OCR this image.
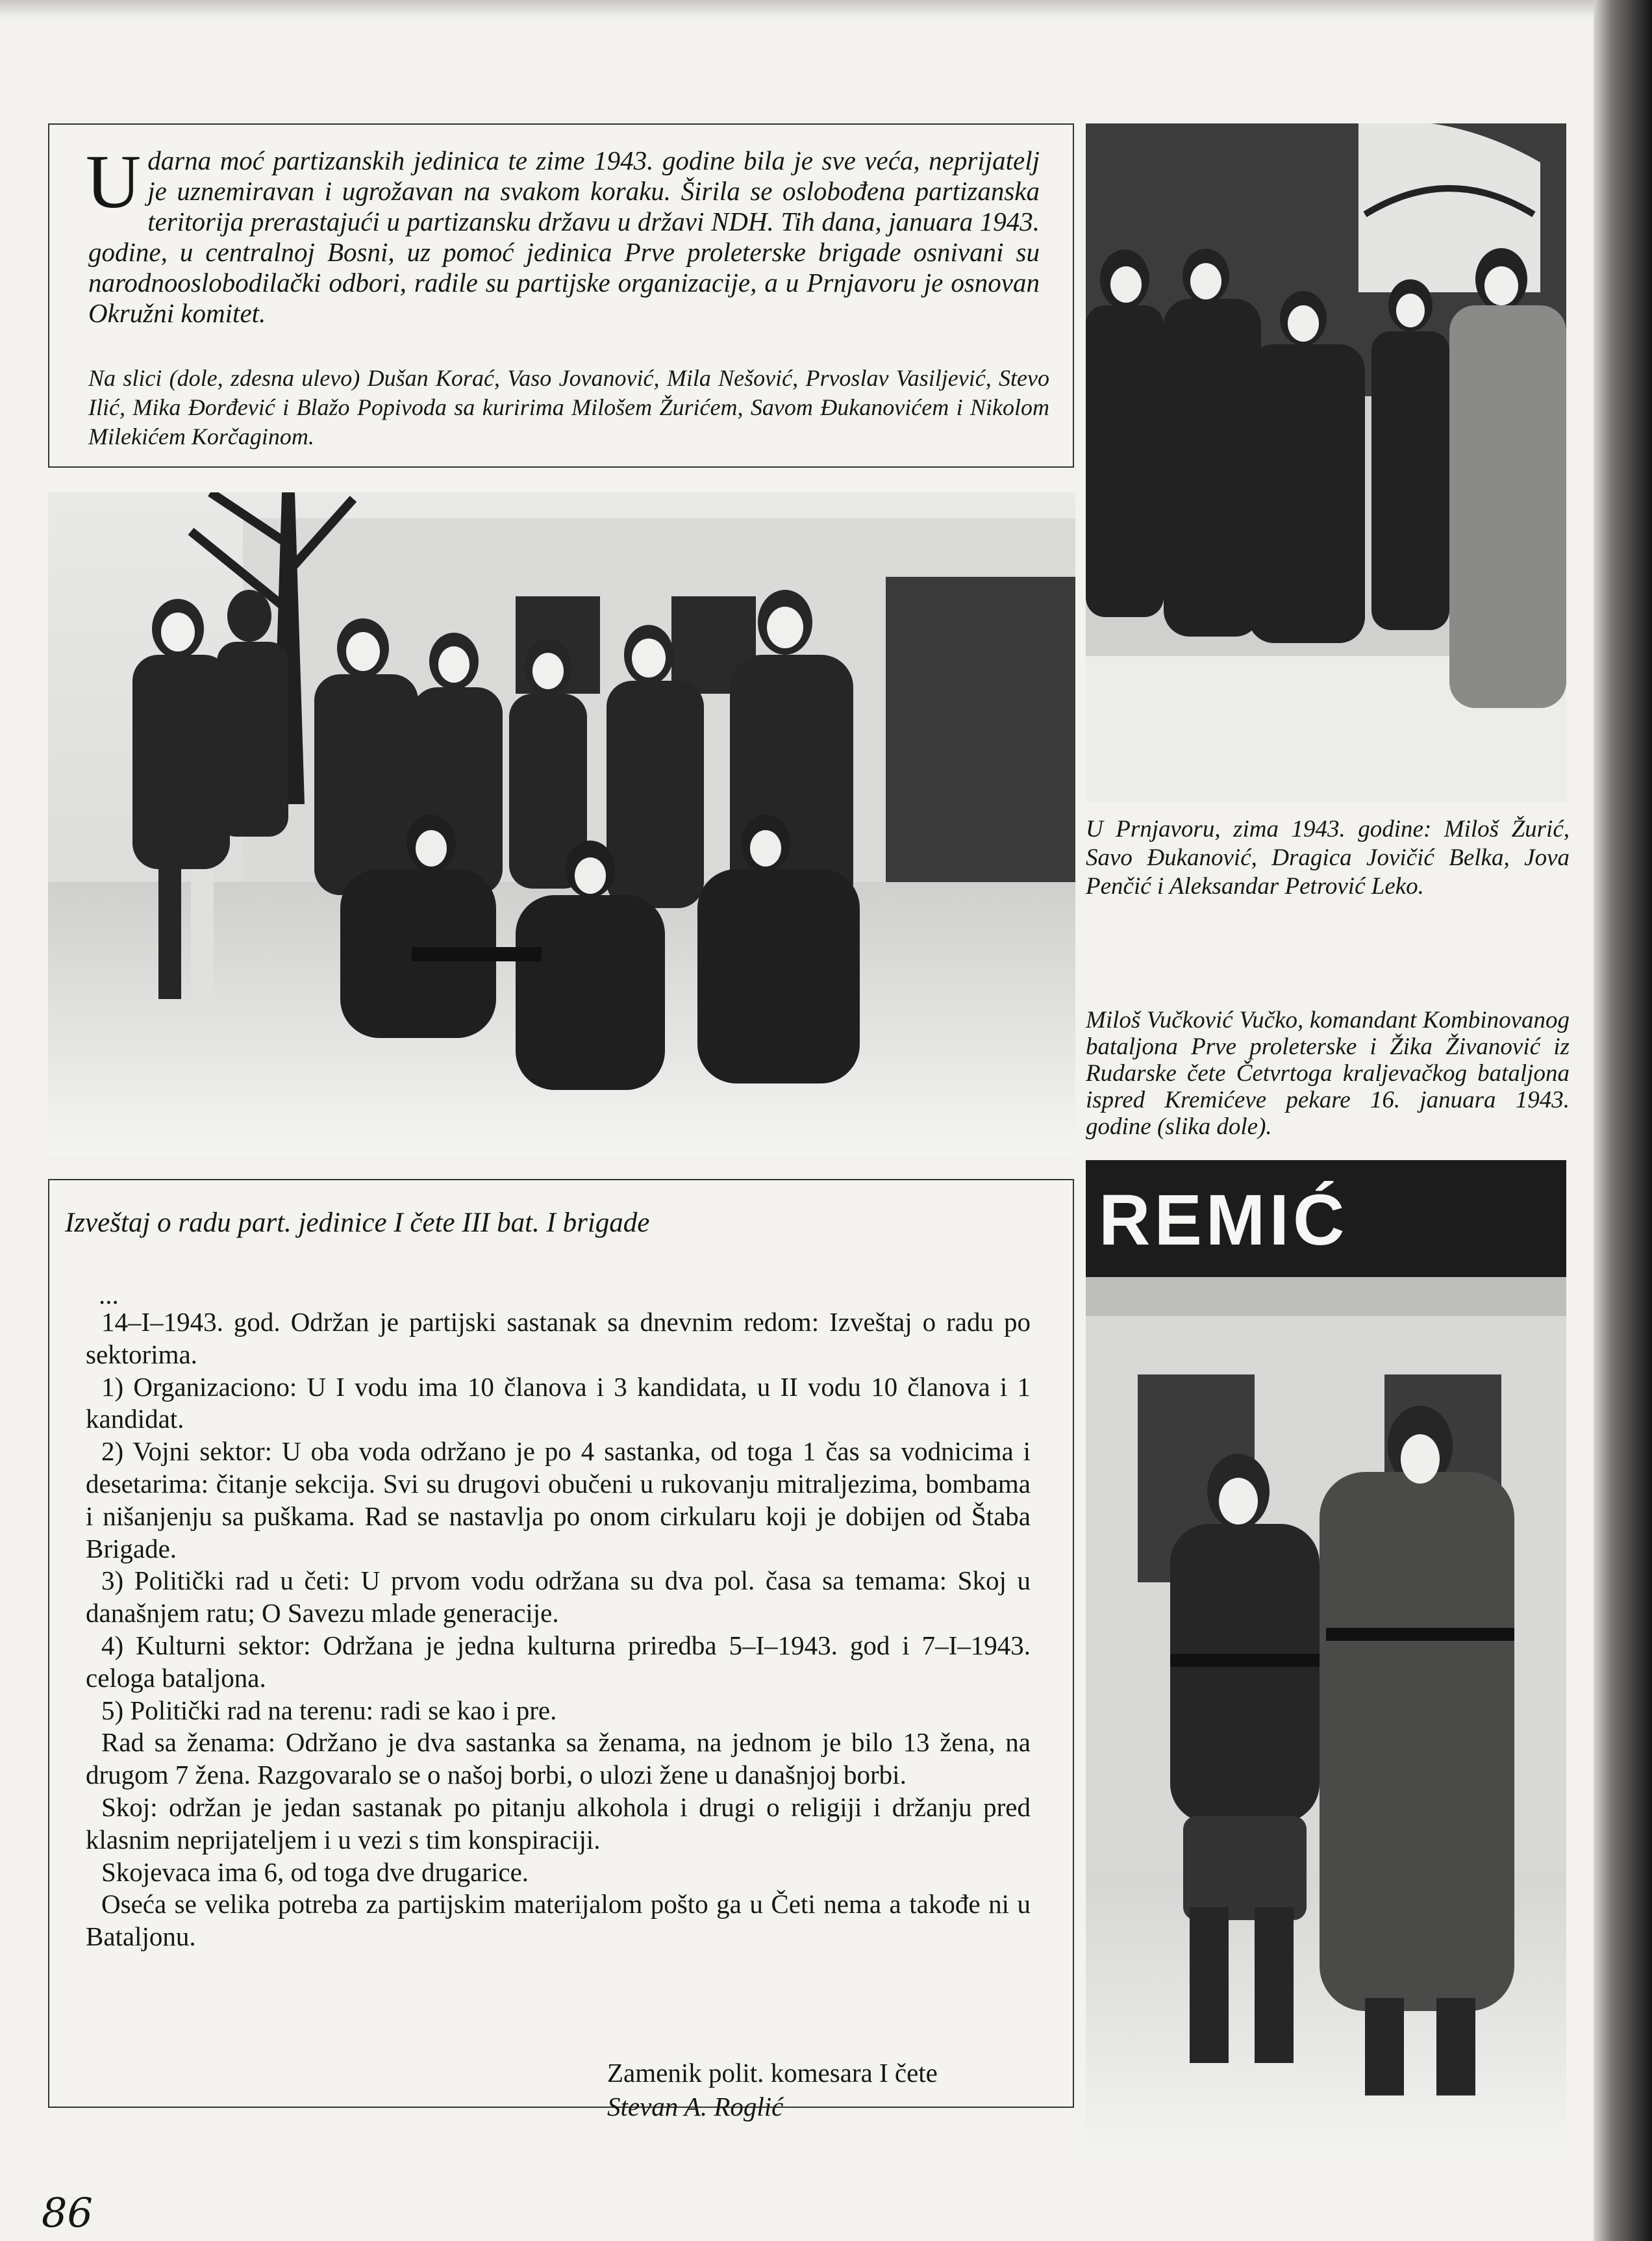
Udarna moć partizanskih jedinica te zime 1943. godine bila je sve veća, neprijatelj je uznemiravan i ugrožavan na svakom koraku. Širila se oslobođena partizanska teritorija prerastajući u partizansku državu u državi NDH. Tih dana, januara 1943. godine, u centralnoj Bosni, uz pomoć jedinica Prve proleterske brigade osnivani su narodnooslobodilački odbori, radile su partijske organizacije, a u Prnjavoru je osnovan Okružni komitet.
Na slici (dole, zdesna ulevo) Dušan Korać, Vaso Jovanović, Mila Nešović, Prvoslav Vasiljević, Stevo Ilić, Mika Đorđević i Blažo Popivoda sa kuririma Milošem Žurićem, Savom Đukanovićem i Nikolom Milekićem Korčaginom.
U Prnjavoru, zima 1943. godine: Miloš Žurić, Savo Đukanović, Dragica Jovičić Belka, Jova Penčić i Aleksandar Petrović Leko.
Miloš Vučković Vučko, komandant Kombinovanog bataljona Prve proleterske i Žika Živanović iz Rudarske čete Četvrtoga kraljevačkog bataljona ispred Kremićeve pekare 16. januara 1943. godine (slika dole).
REMIĆ
Izveštaj o radu part. jedinice I čete III bat. I brigade

...

14–I–1943. god. Održan je partijski sastanak sa dnevnim redom: Izveštaj o radu po sektorima.

1) Organizaciono: U I vodu ima 10 članova i 3 kandidata, u II vodu 10 članova i 1 kandidat.

2) Vojni sektor: U oba voda održano je po 4 sastanka, od toga 1 čas sa vodnicima i desetarima: čitanje sekcija. Svi su drugovi obučeni u rukovanju mitraljezima, bombama i nišanjenju sa puškama. Rad se nastavlja po onom cirkularu koji je dobijen od Štaba Brigade.

3) Politički rad u četi: U prvom vodu održana su dva pol. časa sa temama: Skoj u današnjem ratu; O Savezu mlade generacije.

4) Kulturni sektor: Održana je jedna kulturna priredba 5–I–1943. god i 7–I–1943. celoga bataljona.

5) Politički rad na terenu: radi se kao i pre.

Rad sa ženama: Održano je dva sastanka sa ženama, na jednom je bilo 13 žena, na drugom 7 žena. Razgovaralo se o našoj borbi, o ulozi žene u današnjoj borbi.

Skoj: održan je jedan sastanak po pitanju alkohola i drugi o religiji i držanju pred klasnim neprijateljem i u vezi s tim konspiraciji.

Skojevaca ima 6, od toga dve drugarice.

Oseća se velika potreba za partijskim materijalom pošto ga u Četi nema a takođe ni u Bataljonu.

Zamenik polit. komesara I čete
Stevan A. Roglić
86
